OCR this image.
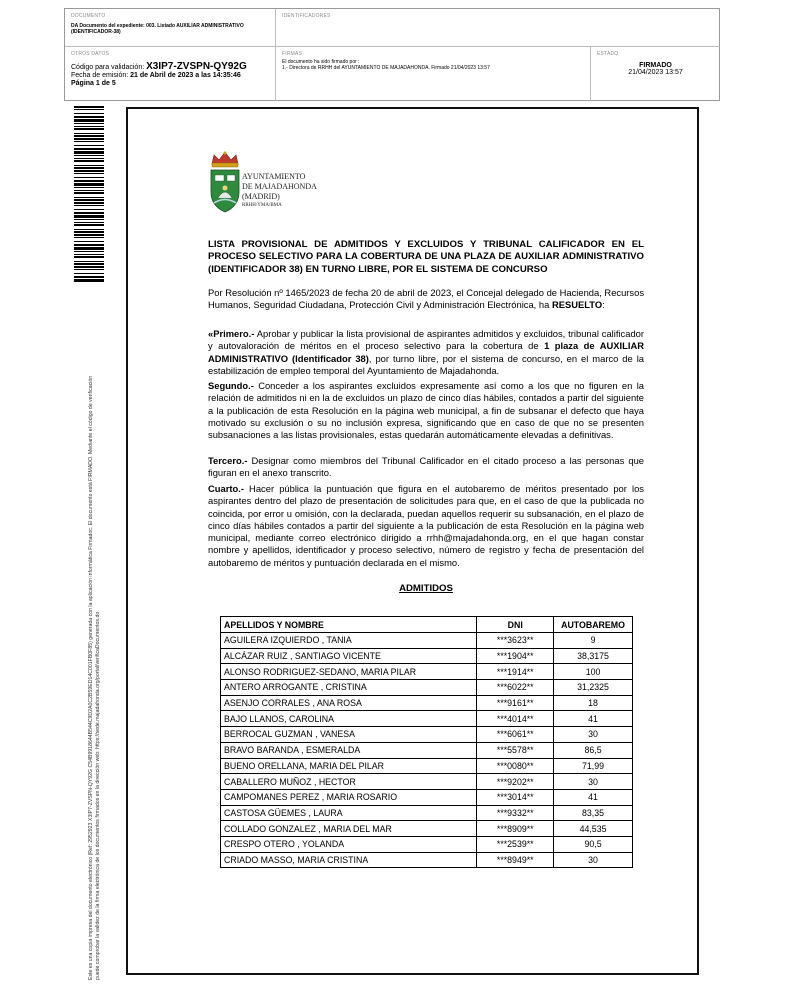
DOCUMENTO
DA Documento del expediente: 003. Listado AUXILIAR ADMINISTRATIVO (IDENTIFICADOR-38)
IDENTIFICADORES
OTROS DATOS
Código para validación: X3IP7-ZVSPN-QY92G
Fecha de emisión: 21 de Abril de 2023 a las 14:35:46
Página 1 de 5
FIRMAS
El documento ha sido firmado por :
1.- Directora de RRHH del AYUNTAMIENTO DE MAJADAHONDA. Firmado 21/04/2023 13:57
ESTADO
FIRMADO
21/04/2023 13:57
Este es una copia impresa del documento electrónico (Ref: 2952923 X3IP7-ZVSPN-QY92G C54B9918644B544C9D2A0C2B59ED14C001FB0F85) generada con la aplicación informática Firmadoc. El documento está FIRMADO. Mediante el código de verificación puede comprobar la validez de la firma electrónica de los documentos firmados en la dirección web: https://sede.majadahonda.org/portal/verificaDocumentos.do
AYUNTAMIENTO
DE MAJADAHONDA
(MADRID)
RRHH/YMA/BMA
LISTA PROVISIONAL DE ADMITIDOS Y EXCLUIDOS Y TRIBUNAL CALIFICADOR EN EL PROCESO SELECTIVO PARA LA COBERTURA DE UNA PLAZA DE AUXILIAR ADMINISTRATIVO (IDENTIFICADOR 38) EN TURNO LIBRE, POR EL SISTEMA DE CONCURSO
Por Resolución nº 1465/2023 de fecha 20 de abril de 2023, el Concejal delegado de Hacienda, Recursos Humanos, Seguridad Ciudadana, Protección Civil y Administración Electrónica, ha RESUELTO:
«Primero.- Aprobar y publicar la lista provisional de aspirantes admitidos y excluidos, tribunal calificador y autovaloración de méritos en el proceso selectivo para la cobertura de 1 plaza de AUXILIAR ADMINISTRATIVO (Identificador 38), por turno libre, por el sistema de concurso, en el marco de la estabilización de empleo temporal del Ayuntamiento de Majadahonda.
Segundo.- Conceder a los aspirantes excluidos expresamente así como a los que no figuren en la relación de admitidos ni en la de excluidos un plazo de cinco días hábiles, contados a partir del siguiente a la publicación de esta Resolución en la página web municipal, a fin de subsanar el defecto que haya motivado su exclusión o su no inclusión expresa, significando que en caso de que no se presenten subsanaciones a las listas provisionales, estas quedarán automáticamente elevadas a definitivas.
Tercero.- Designar como miembros del Tribunal Calificador en el citado proceso a las personas que figuran en el anexo transcrito.
Cuarto.- Hacer pública la puntuación que figura en el autobaremo de méritos presentado por los aspirantes dentro del plazo de presentación de solicitudes para que, en el caso de que la publicada no coincida, por error u omisión, con la declarada, puedan aquellos requerir su subsanación, en el plazo de cinco días hábiles contados a partir del siguiente a la publicación de esta Resolución en la página web municipal, mediante correo electrónico dirigido a rrhh@majadahonda.org, en el que hagan constar nombre y apellidos, identificador y proceso selectivo, número de registro y fecha de presentación del autobaremo de méritos y puntuación declarada en el mismo.
ADMITIDOS
APELLIDOS Y NOMBRE	DNI	AUTOBAREMO
AGUILERA IZQUIERDO , TANIA	***3623**	9
ALCÁZAR RUIZ , SANTIAGO VICENTE	***1904**	38,3175
ALONSO RODRIGUEZ-SEDANO, MARIA PILAR	***1914**	100
ANTERO ARROGANTE , CRISTINA	***6022**	31,2325
ASENJO CORRALES , ANA ROSA	***9161**	18
BAJO LLANOS, CAROLINA	***4014**	41
BERROCAL GUZMAN , VANESA	***6061**	30
BRAVO BARANDA , ESMERALDA	***5578**	86,5
BUENO ORELLANA, MARIA DEL PILAR	***0080**	71,99
CABALLERO MUÑOZ , HECTOR	***9202**	30
CAMPOMANES PEREZ , MARIA ROSARIO	***3014**	41
CASTOSA GÜEMES , LAURA	***9332**	83,35
COLLADO GONZALEZ , MARIA DEL MAR	***8909**	44,535
CRESPO OTERO , YOLANDA	***2539**	90,5
CRIADO MASSO, MARIA CRISTINA	***8949**	30
